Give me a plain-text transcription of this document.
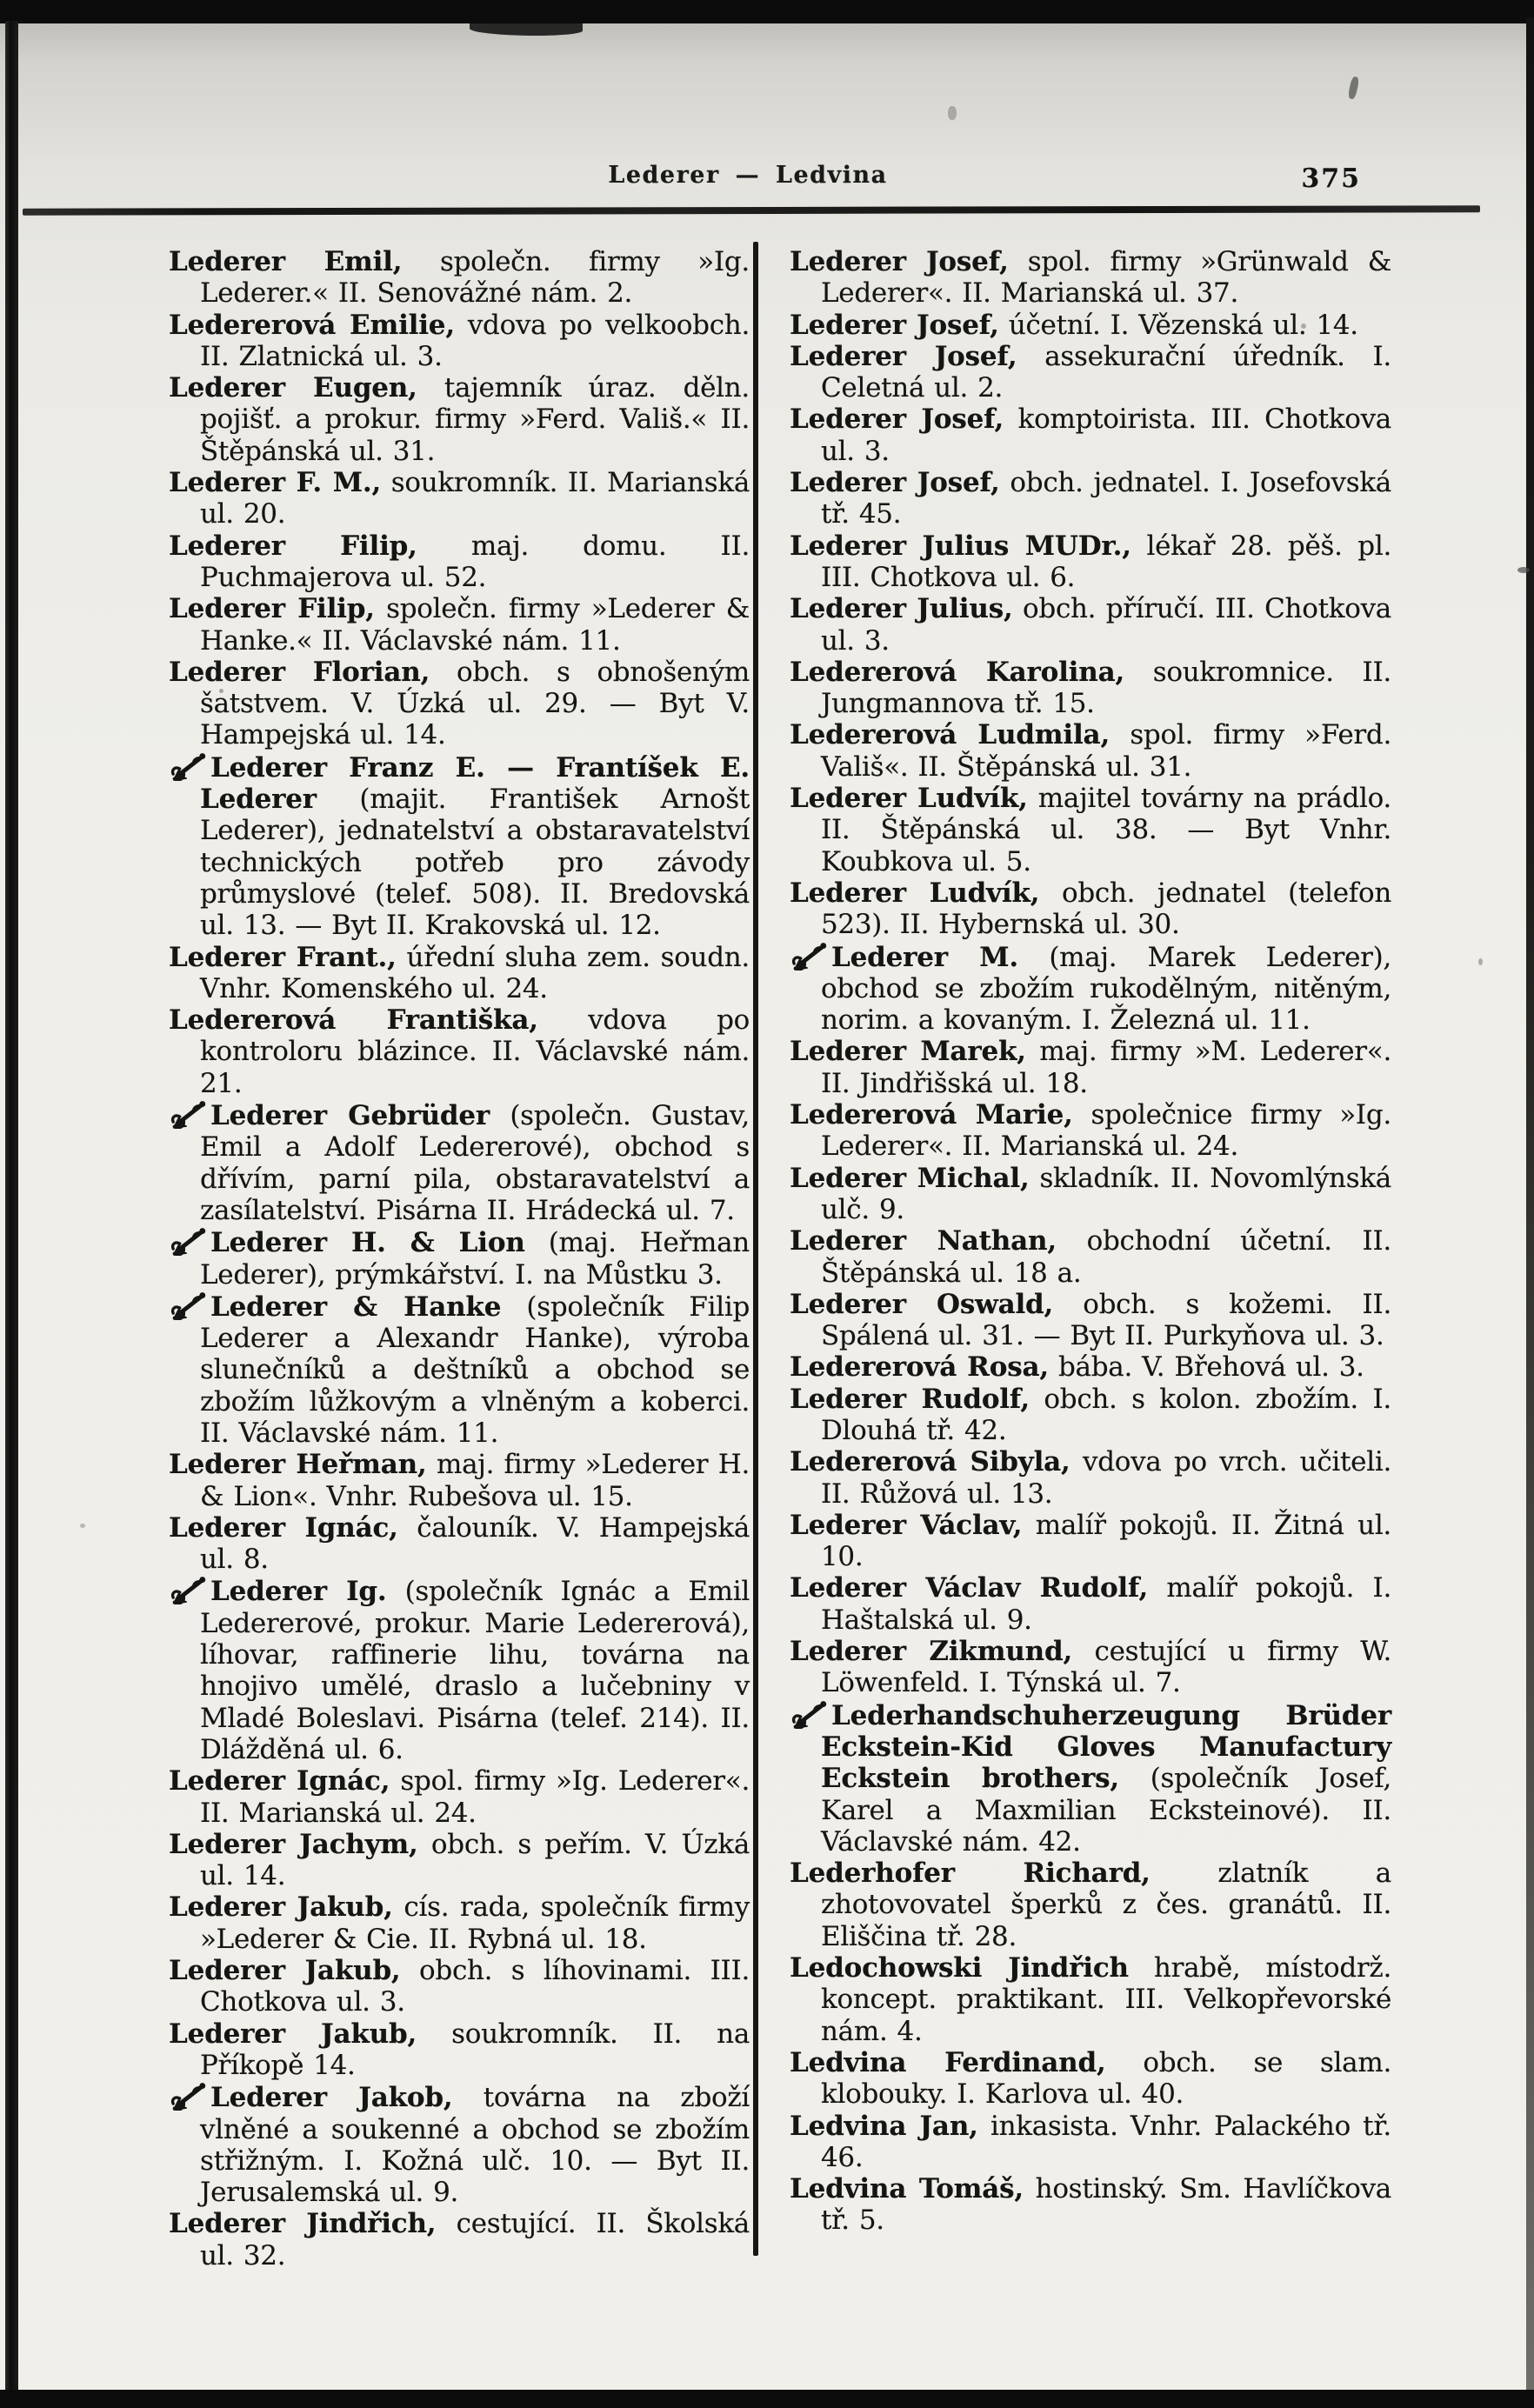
Lederer — Ledvina	375
Lederer Emil, společn. firmy »Ig. Lederer.« II. Senovážné nám. 2.
Ledererová Emilie, vdova po velkoobch. II. Zlatnická ul. 3.
Lederer Eugen, tajemník úraz. děln. pojišť. a prokur. firmy »Ferd. Vališ.« II. Štěpánská ul. 31.
Lederer F. M., soukromník. II. Marianská ul. 20.
Lederer Filip, maj. domu. II. Puchmajerova ul. 52.
Lederer Filip, společn. firmy »Lederer & Hanke.« II. Václavské nám. 11.
Lederer Florian, obch. s obnošeným šatstvem. V. Úzká ul. 29. — Byt V. Hampejská ul. 14.
Lederer Franz E. — Frantíšek E. Lederer (majit. František Arnošt Lederer), jednatelství a obstaravatelství technických potřeb pro závody průmyslové (telef. 508). II. Bredovská ul. 13. — Byt II. Krakovská ul. 12.
Lederer Frant., úřední sluha zem. soudn. Vnhr. Komenského ul. 24.
Ledererová Františka, vdova po kontroloru blázince. II. Václavské nám. 21.
Lederer Gebrüder (společn. Gustav, Emil a Adolf Ledererové), obchod s dřívím, parní pila, obstaravatelství a zasílatelství. Pisárna II. Hrádecká ul. 7.
Lederer H. & Lion (maj. Heřman Lederer), prýmkářství. I. na Můstku 3.
Lederer & Hanke (společník Filip Lederer a Alexandr Hanke), výroba slunečníků a deštníků a obchod se zbožím lůžkovým a vlněným a koberci. II. Václavské nám. 11.
Lederer Heřman, maj. firmy »Lederer H. & Lion«. Vnhr. Rubešova ul. 15.
Lederer Ignác, čalouník. V. Hampejská ul. 8.
Lederer Ig. (společník Ignác a Emil Ledererové, prokur. Marie Ledererová), líhovar, raffinerie lihu, továrna na hnojivo umělé, draslo a lučebniny v Mladé Boleslavi. Pisárna (telef. 214). II. Dlážděná ul. 6.
Lederer Ignác, spol. firmy »Ig. Lederer«. II. Marianská ul. 24.
Lederer Jachym, obch. s peřím. V. Úzká ul. 14.
Lederer Jakub, cís. rada, společník firmy »Lederer & Cie. II. Rybná ul. 18.
Lederer Jakub, obch. s líhovinami. III. Chotkova ul. 3.
Lederer Jakub, soukromník. II. na Příkopě 14.
Lederer Jakob, továrna na zboží vlněné a soukenné a obchod se zbožím střižným. I. Kožná ulč. 10. — Byt II. Jerusalemská ul. 9.
Lederer Jindřich, cestující. II. Školská ul. 32.
Lederer Josef, spol. firmy »Grünwald & Lederer«. II. Marianská ul. 37.
Lederer Josef, účetní. I. Vězenská ul. 14.
Lederer Josef, assekurační úředník. I. Celetná ul. 2.
Lederer Josef, komptoirista. III. Chotkova ul. 3.
Lederer Josef, obch. jednatel. I. Josefovská tř. 45.
Lederer Julius MUDr., lékař 28. pěš. pl. III. Chotkova ul. 6.
Lederer Julius, obch. příručí. III. Chotkova ul. 3.
Ledererová Karolina, soukromnice. II. Jungmannova tř. 15.
Ledererová Ludmila, spol. firmy »Ferd. Vališ«. II. Štěpánská ul. 31.
Lederer Ludvík, majitel továrny na prádlo. II. Štěpánská ul. 38. — Byt Vnhr. Koubkova ul. 5.
Lederer Ludvík, obch. jednatel (telefon 523). II. Hybernská ul. 30.
Lederer M. (maj. Marek Lederer), obchod se zbožím rukodělným, nitěným, norim. a kovaným. I. Železná ul. 11.
Lederer Marek, maj. firmy »M. Lederer«. II. Jindřišská ul. 18.
Ledererová Marie, společnice firmy »Ig. Lederer«. II. Marianská ul. 24.
Lederer Michal, skladník. II. Novomlýnská ulč. 9.
Lederer Nathan, obchodní účetní. II. Štěpánská ul. 18 a.
Lederer Oswald, obch. s kožemi. II. Spálená ul. 31. — Byt II. Purkyňova ul. 3.
Ledererová Rosa, bába. V. Břehová ul. 3.
Lederer Rudolf, obch. s kolon. zbožím. I. Dlouhá tř. 42.
Ledererová Sibyla, vdova po vrch. učiteli. II. Růžová ul. 13.
Lederer Václav, malíř pokojů. II. Žitná ul. 10.
Lederer Václav Rudolf, malíř pokojů. I. Haštalská ul. 9.
Lederer Zikmund, cestující u firmy W. Löwenfeld. I. Týnská ul. 7.
Lederhandschuherzeugung Brüder Eckstein-Kid Gloves Manufactury Eckstein brothers, (společník Josef, Karel a Maxmilian Ecksteinové). II. Václavské nám. 42.
Lederhofer Richard, zlatník a zhotovovatel šperků z čes. granátů. II. Eliščina tř. 28.
Ledochowski Jindřich hrabě, místodrž. koncept. praktikant. III. Velkopřevorské nám. 4.
Ledvina Ferdinand, obch. se slam. klobouky. I. Karlova ul. 40.
Ledvina Jan, inkasista. Vnhr. Palackého tř. 46.
Ledvina Tomáš, hostinský. Sm. Havlíčkova tř. 5.
